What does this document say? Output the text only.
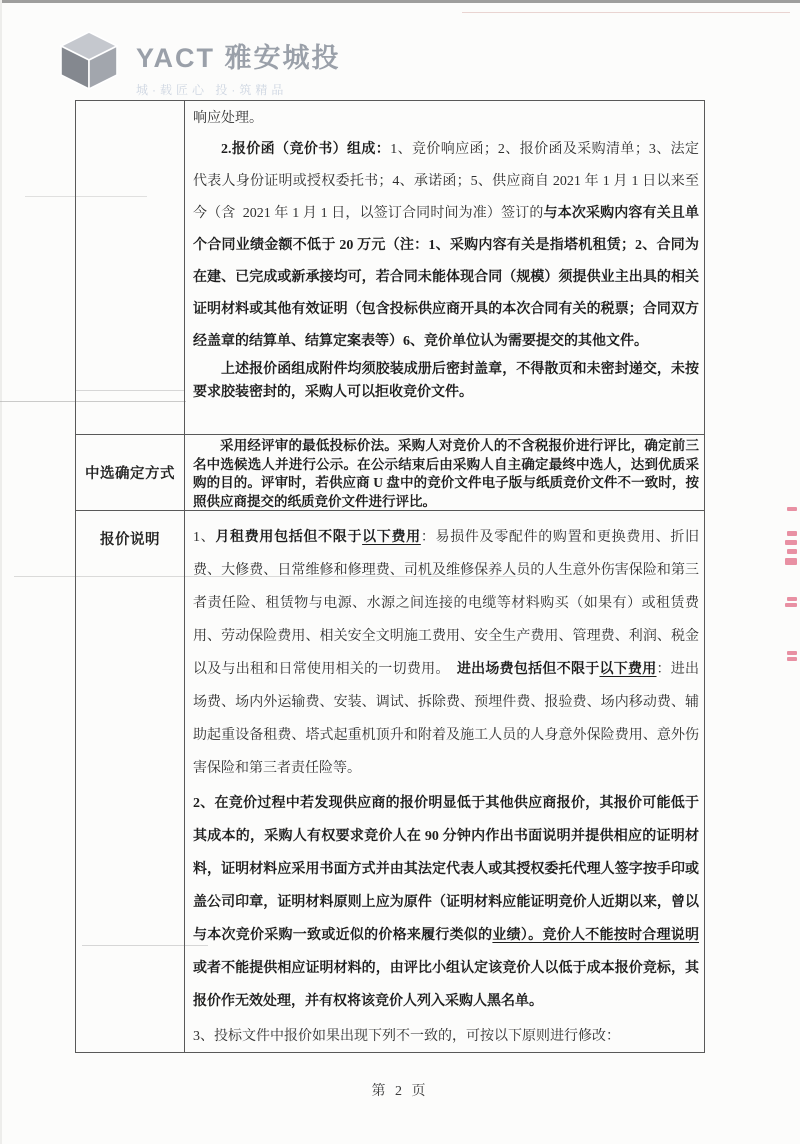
YACT 雅安城投
城·载匠心 投·筑精品

响应处理。

2.报价函（竞价书）组成：1、竞价响应函；2、报价函及采购清单；3、法定代表人身份证明或授权委托书；4、承诺函；5、供应商自 2021 年 1 月 1 日以来至今（含  2021 年 1 月 1 日，以签订合同时间为准）签订的与本次采购内容有关且单个合同业绩金额不低于 20 万元（注：1、采购内容有关是指塔机租赁；2、合同为在建、已完成或新承接均可，若合同未能体现合同（规模）须提供业主出具的相关证明材料或其他有效证明（包含投标供应商开具的本次合同有关的税票；合同双方经盖章的结算单、结算定案表等）6、竞价单位认为需要提交的其他文件。

上述报价函组成附件均须胶装成册后密封盖章，不得散页和未密封递交，未按要求胶装密封的，采购人可以拒收竞价文件。

中选确定方式

采用经评审的最低投标价法。采购人对竞价人的不含税报价进行评比，确定前三名中选候选人并进行公示。在公示结束后由采购人自主确定最终中选人，达到优质采购的目的。评审时，若供应商 U 盘中的竞价文件电子版与纸质竞价文件不一致时，按照供应商提交的纸质竞价文件进行评比。

报价说明	1、月租费用包括但不限于以下费用：易损件及零配件的购置和更换费用、折旧费、大修费、日常维修和修理费、司机及维修保养人员的人生意外伤害保险和第三者责任险、租赁物与电源、水源之间连接的电缆等材料购买（如果有）或租赁费用、劳动保险费用、相关安全文明施工费用、安全生产费用、管理费、利润、税金以及与出租和日常使用相关的一切费用。　进出场费包括但不限于以下费用：进出场费、场内外运输费、安装、调试、拆除费、预埋件费、报验费、场内移动费、辅助起重设备租费、塔式起重机顶升和附着及施工人员的人身意外保险费用、意外伤害保险和第三者责任险等。

2、在竞价过程中若发现供应商的报价明显低于其他供应商报价，其报价可能低于其成本的，采购人有权要求竞价人在 90 分钟内作出书面说明并提供相应的证明材料，证明材料应采用书面方式并由其法定代表人或其授权委托代理人签字按手印或盖公司印章，证明材料原则上应为原件（证明材料应能证明竞价人近期以来，曾以与本次竞价采购一致或近似的价格来履行类似的业绩）。竞价人不能按时合理说明或者不能提供相应证明材料的，由评比小组认定该竞价人以低于成本报价竞标，其报价作无效处理，并有权将该竞价人列入采购人黑名单。

3、投标文件中报价如果出现下列不一致的，可按以下原则进行修改：

第 2 页
